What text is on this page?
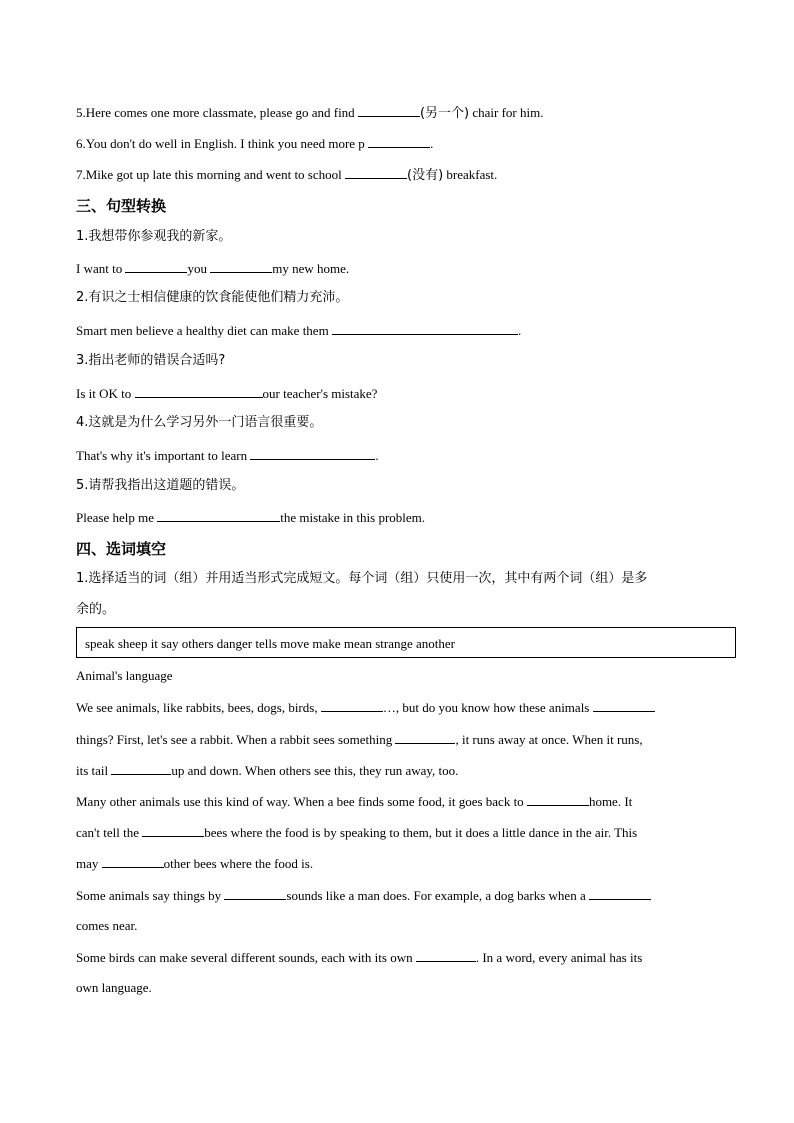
5.Here comes one more classmate, please go and find	(另一个) chair for him.
6.You don't do well in English. I think you need more p	.
7.Mike got up late this morning and went to school	(没有) breakfast.
三、句型转换
1.我想带你参观我的新家。
I want to	you	my new home.
2.有识之士相信健康的饮食能使他们精力充沛。
Smart men believe a healthy diet can make them	.
3.指出老师的错误合适吗?
Is it OK to	our teacher's mistake?
4.这就是为什么学习另外一门语言很重要。
That's why it's important to learn	.
5.请帮我指出这道题的错误。
Please help me	the mistake in this problem.
四、选词填空
1.选择适当的词（组）并用适当形式完成短文。每个词（组）只使用一次，其中有两个词（组）是多
余的。
speak sheep it say others danger tells move make mean strange another
Animal's language
We see animals, like rabbits, bees, dogs, birds,	…, but do you know how these animals
things? First, let's see a rabbit. When a rabbit sees something	, it runs away at once. When it runs,
its tail	up and down. When others see this, they run away, too.
Many other animals use this kind of way. When a bee finds some food, it goes back to	home. It
can't tell the	bees where the food is by speaking to them, but it does a little dance in the air. This
may	other bees where the food is.
Some animals say things by	sounds like a man does. For example, a dog barks when a
comes near.
Some birds can make several different sounds, each with its own	. In a word, every animal has its
own language.
